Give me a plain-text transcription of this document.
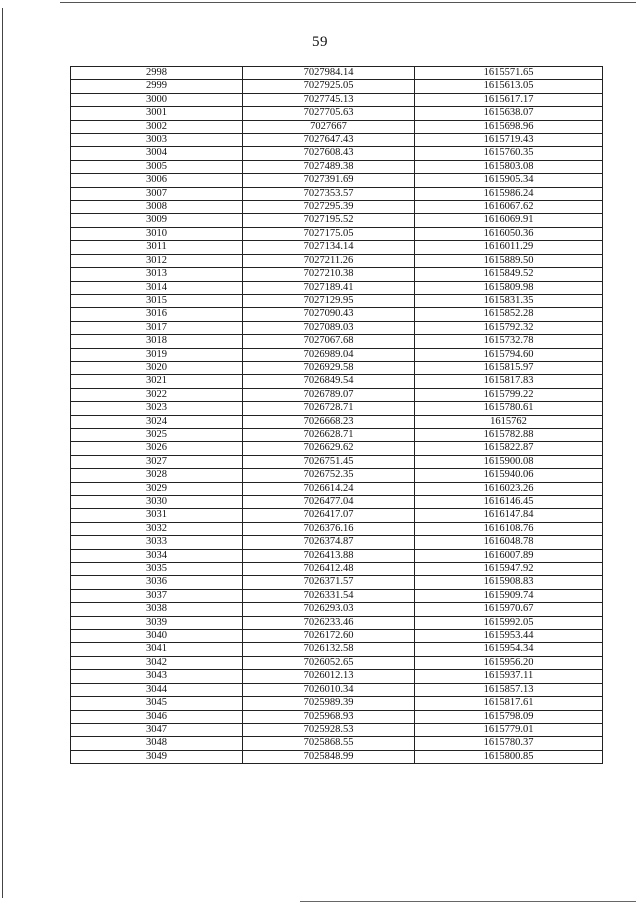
59
2998	7027984.14	1615571.65
2999	7027925.05	1615613.05
3000	7027745.13	1615617.17
3001	7027705.63	1615638.07
3002	7027667	1615698.96
3003	7027647.43	1615719.43
3004	7027608.43	1615760.35
3005	7027489.38	1615803.08
3006	7027391.69	1615905.34
3007	7027353.57	1615986.24
3008	7027295.39	1616067.62
3009	7027195.52	1616069.91
3010	7027175.05	1616050.36
3011	7027134.14	1616011.29
3012	7027211.26	1615889.50
3013	7027210.38	1615849.52
3014	7027189.41	1615809.98
3015	7027129.95	1615831.35
3016	7027090.43	1615852.28
3017	7027089.03	1615792.32
3018	7027067.68	1615732.78
3019	7026989.04	1615794.60
3020	7026929.58	1615815.97
3021	7026849.54	1615817.83
3022	7026789.07	1615799.22
3023	7026728.71	1615780.61
3024	7026668.23	1615762
3025	7026628.71	1615782.88
3026	7026629.62	1615822.87
3027	7026751.45	1615900.08
3028	7026752.35	1615940.06
3029	7026614.24	1616023.26
3030	7026477.04	1616146.45
3031	7026417.07	1616147.84
3032	7026376.16	1616108.76
3033	7026374.87	1616048.78
3034	7026413.88	1616007.89
3035	7026412.48	1615947.92
3036	7026371.57	1615908.83
3037	7026331.54	1615909.74
3038	7026293.03	1615970.67
3039	7026233.46	1615992.05
3040	7026172.60	1615953.44
3041	7026132.58	1615954.34
3042	7026052.65	1615956.20
3043	7026012.13	1615937.11
3044	7026010.34	1615857.13
3045	7025989.39	1615817.61
3046	7025968.93	1615798.09
3047	7025928.53	1615779.01
3048	7025868.55	1615780.37
3049	7025848.99	1615800.85
